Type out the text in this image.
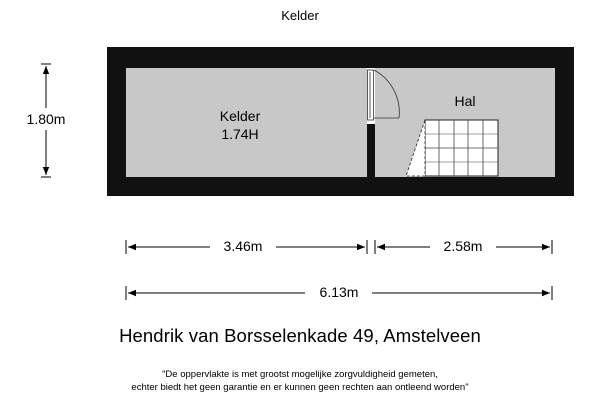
Kelder
Kelder
1.74H
Hal
1.80m
3.46m	2.58m
6.13m
Hendrik van Borsselenkade 49, Amstelveen
"De oppervlakte is met grootst mogelijke zorgvuldigheid gemeten,
echter biedt het geen garantie en er kunnen geen rechten aan ontleend worden"
